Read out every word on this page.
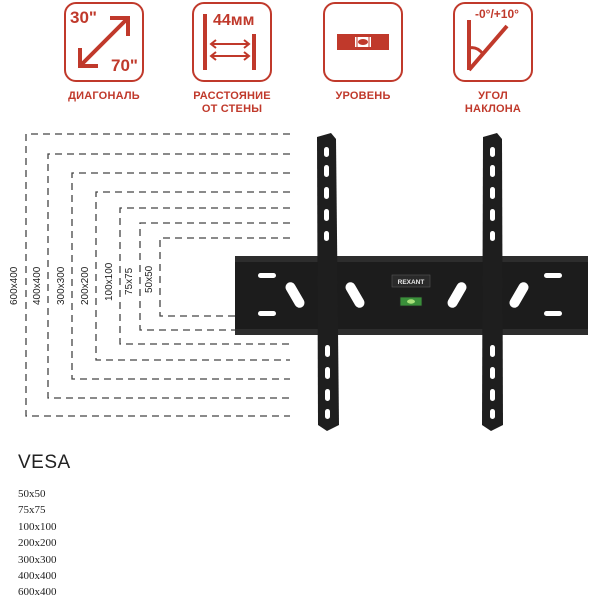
30"
70"
ДИАГОНАЛЬ
44мм
РАССТОЯНИЕ
ОТ СТЕНЫ
УРОВЕНЬ
-0°/+10°
УГОЛ
НАКЛОНА
600x400 400x400 300x300 200x200 100x100 75x75 50x50	REXANT
VESA
50x50
75x75
100x100
200x200
300x300
400x400
600x400
